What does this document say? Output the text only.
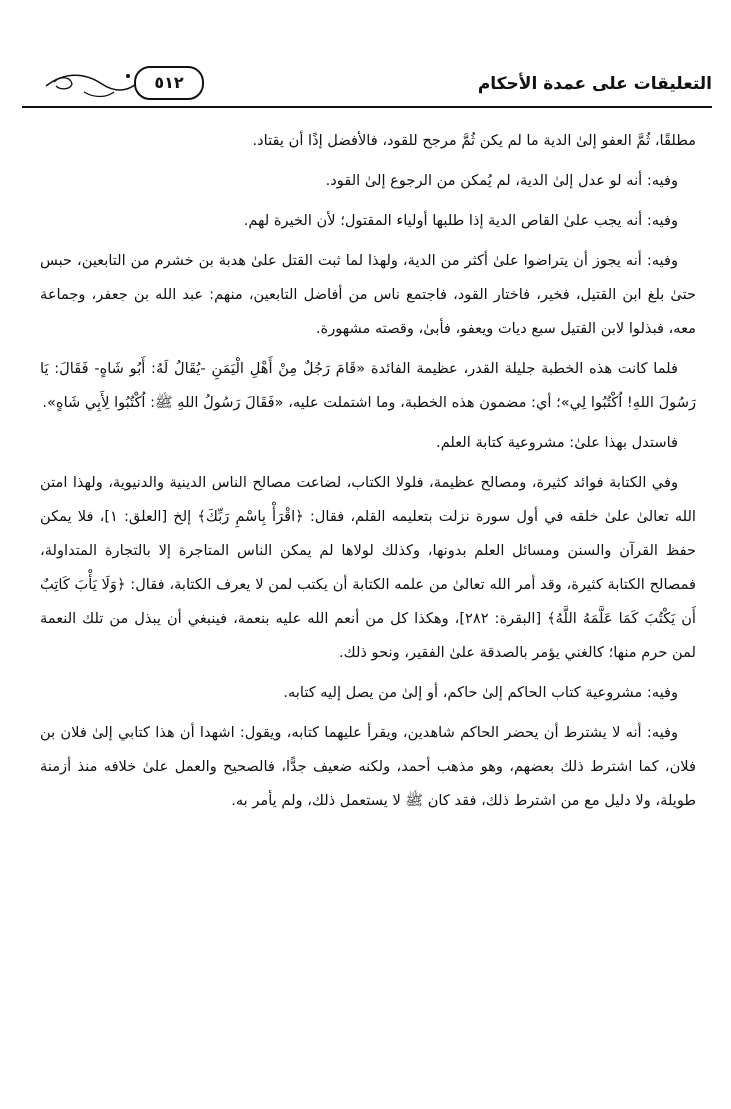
التعليقات على عمدة الأحكام
٥١٢

مطلقًا، ثُمَّ العفو إلىٰ الدية ما لم يكن ثُمَّ مرجح للقود، فالأفضل إذًا أن يقتاد.

وفيه: أنه لو عدل إلىٰ الدية، لم يُمكن من الرجوع إلىٰ القود.

وفيه: أنه يجب علىٰ القاص الدية إذا طلبها أولياء المقتول؛ لأن الخيرة لهم.

وفيه: أنه يجوز أن يتراضوا علىٰ أكثر من الدية، ولهذا لما ثبت القتل علىٰ هدبة بن خشرم من التابعين، حبس حتىٰ بلغ ابن القتيل، فخير، فاختار القود، فاجتمع ناس من أفاضل التابعين، منهم: عبد الله بن جعفر، وجماعة معه، فبذلوا لابن القتيل سبع ديات ويعفو، فأبىٰ، وقصته مشهورة.

فلما كانت هذه الخطبة جليلة القدر، عظيمة الفائدة «قَامَ رَجُلٌ مِنْ أَهْلِ الْيَمَنِ -يُقَالُ لَهُ: أَبُو شَاهٍ- فَقَالَ: يَا رَسُولَ اللهِ! اُكْتُبُوا لِي»؛ أي: مضمون هذه الخطبة، وما اشتملت عليه، «فَقَالَ رَسُولُ اللهِ ﷺ: اُكْتُبُوا لِأَبِي شَاهٍ».

فاستدل بهذا علىٰ: مشروعية كتابة العلم.

وفي الكتابة فوائد كثيرة، ومصالح عظيمة، فلولا الكتاب، لضاعت مصالح الناس الدينية والدنيوية، ولهذا امتن الله تعالىٰ علىٰ خلقه في أول سورة نزلت بتعليمه القلم، فقال: ﴿اقْرَأْ بِاسْمِ رَبِّكَ﴾ إلخ [العلق: ١]، فلا يمكن حفظ القرآن والسنن ومسائل العلم بدونها، وكذلك لولاها لم يمكن الناس المتاجرة إلا بالتجارة المتداولة، فمصالح الكتابة كثيرة، وقد أمر الله تعالىٰ من علمه الكتابة أن يكتب لمن لا يعرف الكتابة، فقال: ﴿وَلَا يَأْبَ كَاتِبٌ أَن يَكْتُبَ كَمَا عَلَّمَهُ اللَّهُ﴾ [البقرة: ٢٨٢]، وهكذا كل من أنعم الله عليه بنعمة، فينبغي أن يبذل من تلك النعمة لمن حرم منها؛ كالغني يؤمر بالصدقة علىٰ الفقير، ونحو ذلك.

وفيه: مشروعية كتاب الحاكم إلىٰ حاكم، أو إلىٰ من يصل إليه كتابه.

وفيه: أنه لا يشترط أن يحضر الحاكم شاهدين، ويقرأ عليهما كتابه، ويقول: اشهدا أن هذا كتابي إلىٰ فلان بن فلان، كما اشترط ذلك بعضهم، وهو مذهب أحمد، ولكنه ضعيف جدًّا، فالصحيح والعمل علىٰ خلافه منذ أزمنة طويلة، ولا دليل مع من اشترط ذلك، فقد كان ﷺ لا يستعمل ذلك، ولم يأمر به.
